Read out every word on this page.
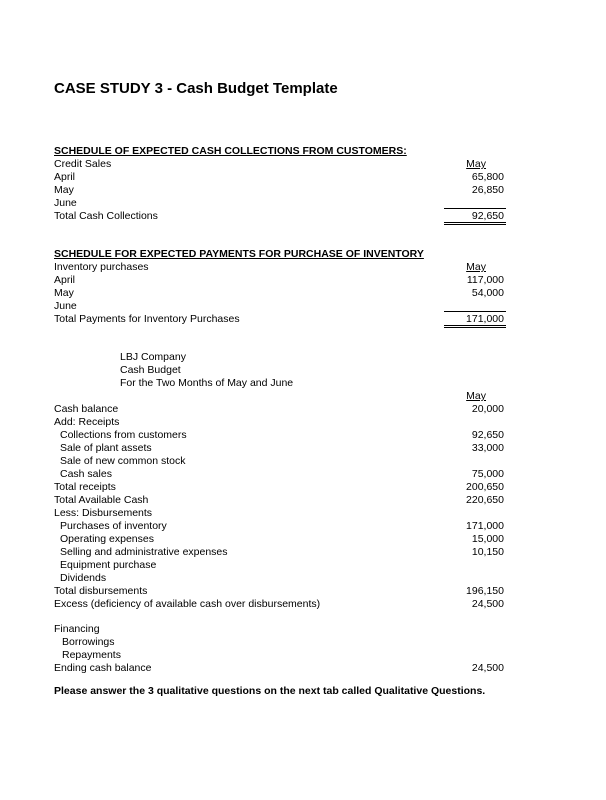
CASE STUDY 3 - Cash Budget Template
SCHEDULE OF EXPECTED CASH COLLECTIONS FROM CUSTOMERS:
Credit Sales	May
April	65,800
May	26,850
June
Total Cash Collections	92,650
SCHEDULE FOR EXPECTED PAYMENTS FOR PURCHASE OF INVENTORY
Inventory purchases	May
April	117,000
May	54,000
June
Total Payments for Inventory Purchases	171,000
LBJ Company
Cash Budget
For the Two Months of May and June
May
Cash balance	20,000
Add: Receipts
Collections from customers	92,650
Sale of plant assets	33,000
Sale of new common stock
Cash sales	75,000
Total receipts	200,650
Total Available Cash	220,650
Less: Disbursements
Purchases of inventory	171,000
Operating expenses	15,000
Selling and administrative expenses	10,150
Equipment purchase
Dividends
Total disbursements	196,150
Excess (deficiency of available cash over disbursements)	24,500
Financing
Borrowings
Repayments
Ending cash balance	24,500
Please answer the 3 qualitative questions on the next tab called Qualitative Questions.
